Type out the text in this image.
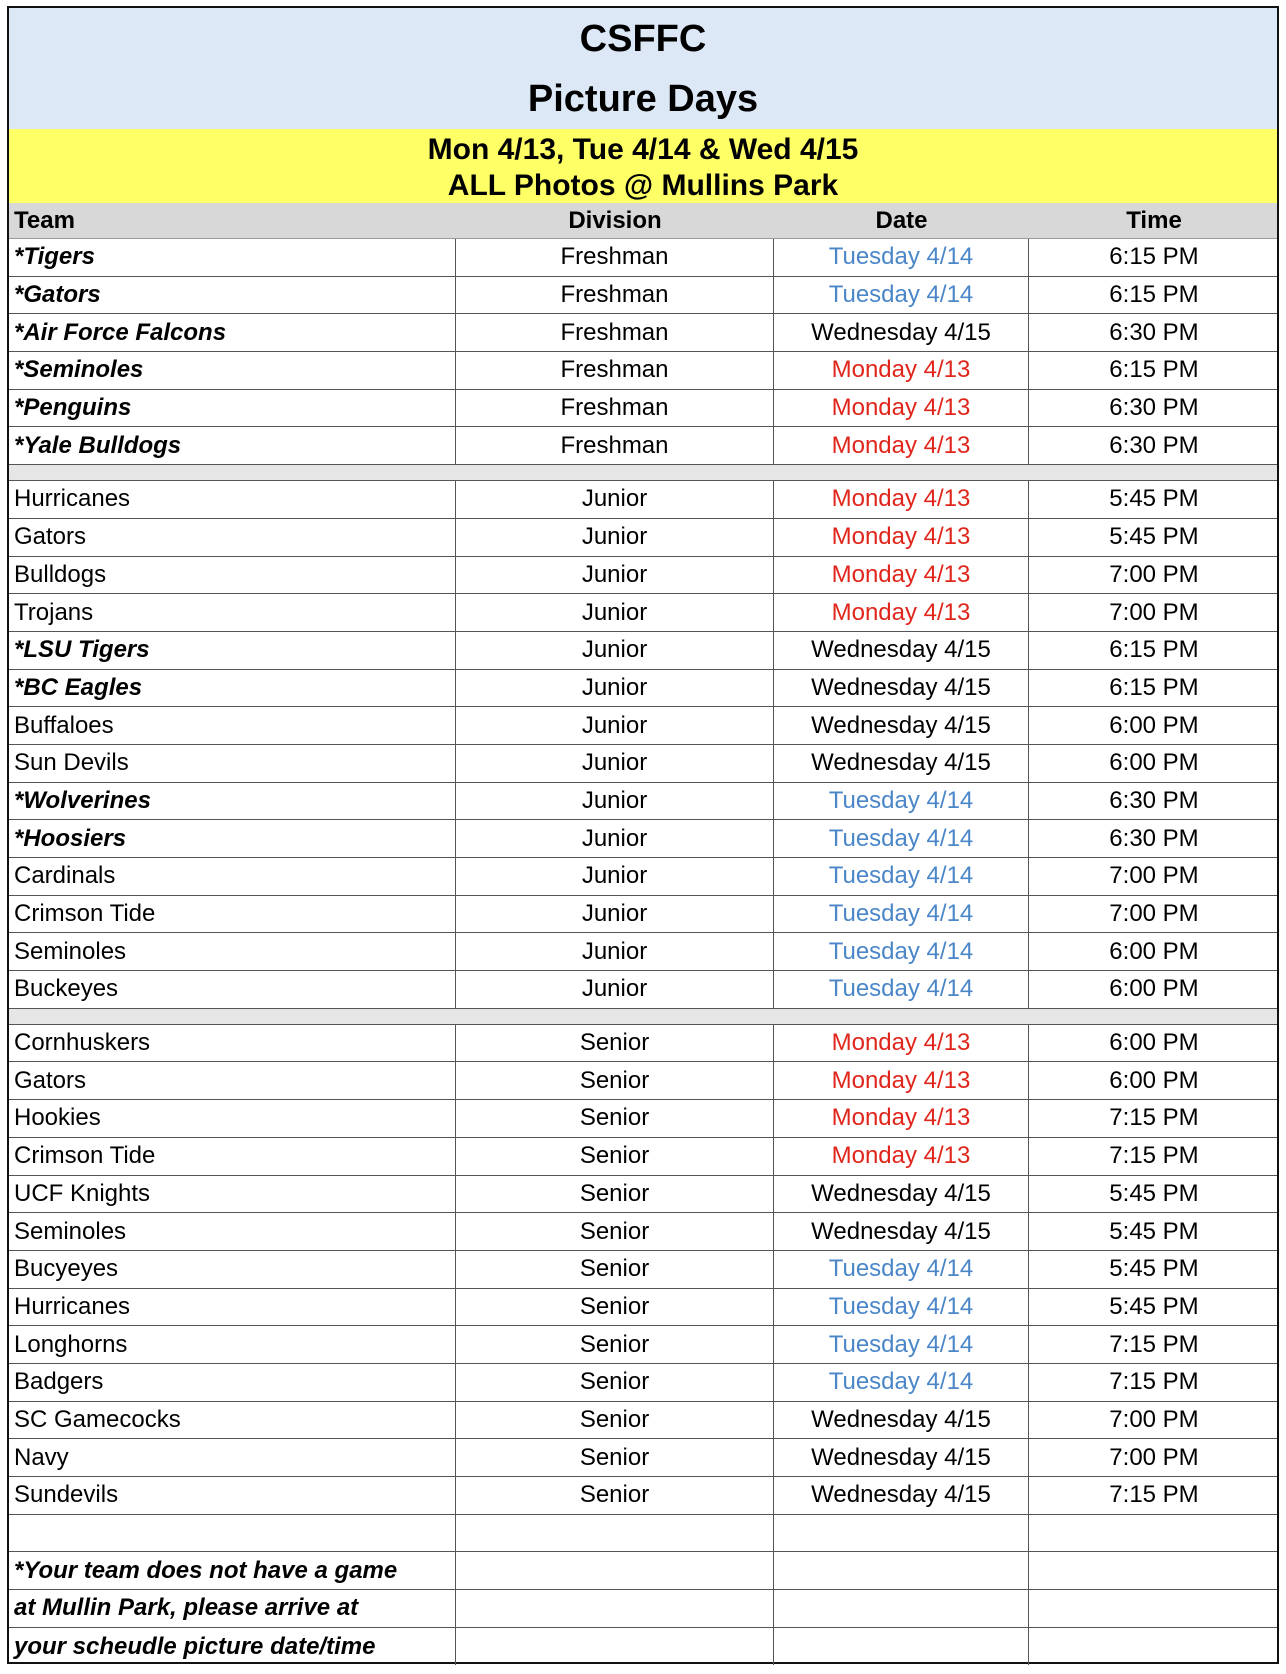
CSFFC
Picture Days
Mon 4/13, Tue 4/14 & Wed 4/15
ALL Photos @ Mullins Park
Team	Division	Date	Time
*Tigers	Freshman	Tuesday 4/14	6:15 PM
*Gators	Freshman	Tuesday 4/14	6:15 PM
*Air Force Falcons	Freshman	Wednesday 4/15	6:30 PM
*Seminoles	Freshman	Monday 4/13	6:15 PM
*Penguins	Freshman	Monday 4/13	6:30 PM
*Yale Bulldogs	Freshman	Monday 4/13	6:30 PM
Hurricanes	Junior	Monday 4/13	5:45 PM
Gators	Junior	Monday 4/13	5:45 PM
Bulldogs	Junior	Monday 4/13	7:00 PM
Trojans	Junior	Monday 4/13	7:00 PM
*LSU Tigers	Junior	Wednesday 4/15	6:15 PM
*BC Eagles	Junior	Wednesday 4/15	6:15 PM
Buffaloes	Junior	Wednesday 4/15	6:00 PM
Sun Devils	Junior	Wednesday 4/15	6:00 PM
*Wolverines	Junior	Tuesday 4/14	6:30 PM
*Hoosiers	Junior	Tuesday 4/14	6:30 PM
Cardinals	Junior	Tuesday 4/14	7:00 PM
Crimson Tide	Junior	Tuesday 4/14	7:00 PM
Seminoles	Junior	Tuesday 4/14	6:00 PM
Buckeyes	Junior	Tuesday 4/14	6:00 PM
Cornhuskers	Senior	Monday 4/13	6:00 PM
Gators	Senior	Monday 4/13	6:00 PM
Hookies	Senior	Monday 4/13	7:15 PM
Crimson Tide	Senior	Monday 4/13	7:15 PM
UCF Knights	Senior	Wednesday 4/15	5:45 PM
Seminoles	Senior	Wednesday 4/15	5:45 PM
Bucyeyes	Senior	Tuesday 4/14	5:45 PM
Hurricanes	Senior	Tuesday 4/14	5:45 PM
Longhorns	Senior	Tuesday 4/14	7:15 PM
Badgers	Senior	Tuesday 4/14	7:15 PM
SC Gamecocks	Senior	Wednesday 4/15	7:00 PM
Navy	Senior	Wednesday 4/15	7:00 PM
Sundevils	Senior	Wednesday 4/15	7:15 PM
*Your team does not have a game
at Mullin Park, please arrive at
your scheudle picture date/time
